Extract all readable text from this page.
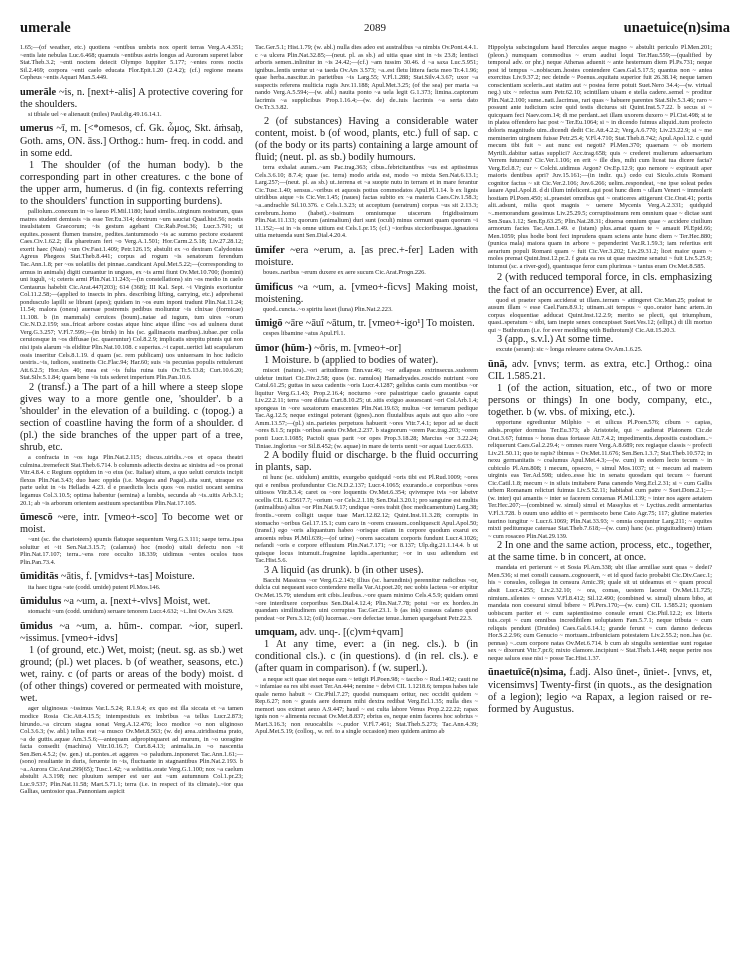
umerale	2089	unaetuice(n)sima

1.65;—(of weather, etc.) quotiens ~entibus umbris nox operit terras Verg.A.4.351; ~entis late nebulas Luc.6.468; quamuis ~entibus astris longus ad Auroram superet labor Stat.Theb.3.2; ~enti noctem deiecit Olympo Iuppiter 5.177; ~entes rores noctis Sil.2.469; corpora ~enti caelo educata Flor.Epit.1.20 (2.4.2); (cf.) regione means Cepheus ~entis Aquari Man.5.449.

umerāle ~is, n. [next+-alis] A protective covering for the shoulders.

si tibiale uel ~e alienauit (miles) Paul.dig.49.16.14.1.

umerus ~ī, m. [<*omesos, cf. Gk. ὦμος, Skt. áṁsaḥ, Goth. ams, ON. āss.] Orthog.: hum- freq. in codd. and in some edd.

1 The shoulder (of the human body). b the corresponding part in other creatures. c the bone of the upper arm, humerus. d (in fig. contexts referring to the shoulders' function in supporting burdens).

palliolum..conexum in ~o laeuo Pl.Mil.1180; haud similis..uirginum nostrarum, quas matres student demissis ~is esse Ter.Eu.314; dextrum ~um sauciat Quad.hist.56; nostis insulsitatem Graecorum; ~is gestum agebant Cic.Rab.Post.36; Lucr.3.791; ut equites..possent flumen transire, pedites..tantummodo ~is ac summo pectore exstarent Caes.Civ.1.62.2; illa pharetram fert ~o Verg.A.1.501; Hor.Carm.2.5.18; Liv.27.28.12; exerit haec (Nais) ~um Ov.Fast.1.409; Petr.126.15; abstulit ex ~o dextram Calydonius Agreus Phegeos Stat.Theb.8.441; corpus ad rogum ~is senatorum ferendum Tac.Ann.1.8; per ~os uolatilis dei pinnae..candicant Apul.Met.5.22;—(corresponding to armus in animals) digiti curuantur in ungues, ex ~is armi fiunt Ov.Met.10.700; (homini) uni iuguli, ~i; ceteris armi Plin.Nat.11.243;—(in constellations) sin ~os medio in caelo Centaurus habebit Cic.Arat.447(203); 614 (368); III Kal. Sept. ~i Virginis exoriuntur Col.11.2.58;—(applied to insects in phrs. describing lifting, carrying, etc.) adprehensi ponduscuIo lapilli se librant (apes); quidam in ~os eum inponi tradunt Plin.Nat.11.24; 11.54; malora (onera) auersae postremis pedibus moliuntur ~is clnixae (formicae) 11.108. b (in mammals) ceruices (boum)..natae ad iugum, tum uires ~orum Cic.N.D.2.159; sus..fricat arbore costas atque hinc atque illinc ~os ad uulnera durat Verg.G.3.257; V.Fl.7.599;—(in birds) in his (sc. gallinaceis maribus)..iubae..per colla ceruicesque in ~os diffusae (sc. quaeruntur) Col.8.2.9; implicatis strepitu pinnis qui non nisi ipsis alarum ~is eliditur Plin.Nat.10.108. c superius..~i caput..uertici lati scapularum ossis inseritur Cels.8.1.19. d quam (sc. rem publicam) uos uniuersam in hoc iudicio uestris..~is, iudices, sustinetis Cic.Flac.94; Har.60; suis ~is pecunias populis rettulerunt Att.6.2.5; Hor.Ars 40; mea est ~is fulta ruina tuis Ov.Tr.5.13.8; Curt.10.6.20; Stat.Silv.5.1.84; quam bene ~is tuis sederet imperium Plin.Pan.10.6.

2 (transf.) a The part of a hill where a steep slope gives way to a more gentle one, 'shoulder'. b a 'shoulder' in the elevation of a building. c (topog.) a section of coastline having the form of a shoulder. d (pl.) the side branches of the upper part of a tree, shrub, etc.

a confracta in ~os iuga Plin.Nat.2.115; discus..uiridis..~os et opaca theatri culmina..tremefecit Stat.Theb.6.714. b columnis adiectis dextra ac sinistra ad ~os pronai Vitr.4.8.4. c Regium oppidum in ~o eius (sc. Italiae) situm, a quo ueluti ceruicis incipit flexus Plin.Nat.3.43; duo haec oppida (i.e. Megara and Pagai)..sita sunt, utraque ex parte uelut in ~is Helladis 4.23. d e praedictis locis quos ~os rustici uocant semina legamus Col.3.10.5; optima habentur (semina) a lumbis, secunda ab ~is..uitis Arb.3.1; 20.1; ab ~is arborum orientem aestiuum spectantibus Plin.Nat.17.105.

ūmescō ~ere, intr. [vmeo+-sco] To become wet or moist.

~unt (sc. the charioteers) spumis flatuque sequentum Verg.G.3.111; saepe terra..ipsa soluitur et ~it Sen.Nat.3.15.7; (calamus) hoc (modo) uitali defectu non ~it Plin.Nat.17.107; terra..~ens rore occulto 18.339; uidimus ~entes oculos tuos Plin.Pan.73.4.

ūmiditās ~ātis, f. [vmidvs+-tas] Moisture.

ita haec tigna ~ate (codd. umide) putent Pl.Mos.146.

ūmidulus ~a ~um, a. [next+-vlvs] Moist, wet.

stomachi ~um (codd. umidum) seruare tenorem Lucr.4.632; ~i..lini Ov.Ars 3.629.

ūmidus ~a ~um, a. hūm-. compar. ~ior, superl. ~issimus. [vmeo+-idvs]

1 (of ground, etc.) Wet, moist; (neut. sg. as sb.) wet ground; (pl.) wet places. b (of weather, seasons, etc.) wet, rainy. c (of parts or areas of the body) moist. d (of other things) covered or permeated with moisture, wet.

ager uliginosus ~issimus Var.L.5.24; R.1.9.4; ex quo est illa siccata et ~a tamen modice Rosia Cic.Att.4.15.5; intempestiuis ex imbribus ~a tellus Lucr.2.873; hirundo..~a circum stagna sonat Verg.A.12.476; loco modice ~o non uliginoso Col.3.6.3; (w. abl.) tellus erat ~a musco Ov.Met.8.563; (w. de) area..uiridissima prato, ~a de guttis..aquae Am.3.5.6;—antequam adpropinquaret ad murum, in ~o uoragine facta consedit (machina) Vitr.10.16.7; Curt.8.4.13; animalia..in ~o nascentia Sen.Ben.4.5.2; (w. gen.) ut..pontes..et aggeres ~o paludum..inponeret Tac.Ann.1.61;—(sono) resultante in duris, feruente in ~is, fluctuante in stagnantibus Plin.Nat.2.193. b ~a..Aurora Cic.Arat.299(65); Tusc.1.42; ~a solstitia..orate Verg.G.1.100; nox ~a caelum abstulit A.3.198; nec pluuium semper est uer aut ~um autumnum Col.1.pr.23; Luc.9.537; Plin.Nat.11.58; Mart.5.71.1; terra (i.e. in respect of its climate)..~ior qua Gallias, uentosior qua..Pannoniam aspicit

Tac.Ger.5.1; Hist.1.79; (w. abl.) nulla dies adeo est australibus ~a nimbis Ov.Pont.4.4.1. c ~a ulcera Plin.Nat.32.85;—(neut. pl. as sb.) ad uitia quae sint in ~is 23.8; lentisci arboris semen..inlinitur in ~is 24.42;—(cf.) ~am tussim 30.46. d ~a saxa Luc.5.951; ignibus..lentis uretur ut ~a taeda Ov.Ars 3.573; ~a..est fletu littera facta meo Tr.4.1.96; quae herba..nascitur..in parietibus ~is Larg.55; V.Fl.1.288; Stat.Silv.4.3.67; uxor ~a suspectis referens multicia rugis Juv.11.188; Apul.Met.3.25; (of the sea) per maria ~a nando Verg.A.5.594;—(w. abl.) nauita ponto ~a uela legit G.1.373; limina..captorum lacrimis ~a supplicibus Prop.1.16.4;—(w. de) de..tuis lacrimis ~a serta dato Ov.Tr.3.3.82.

2 (of substances) Having a considerable water content, moist. b (of wood, plants, etc.) full of sap. c (of the body or its parts) containing a large amount of fluid; (neut. pl. as sb.) bodily humours.

terra exhalat auram..~am Pac.trag.363; cibus..febricitantibus ~us est aptissimus Cels.3.6.10; 8.7.4; quae (sc. terra) modo arida est, modo ~o mixta Sen.Nat.6.13.1; Larg.257;—(neut. pl. as sb.) ut..terrena et ~a suopte nutu in terram et in mare ferantur Cic.Tusc.1.40; sensus..~oribus et aquosis potius commodatos Apul.Pl.1.14. b ex lignis uiridibus atque ~is Cic.Ver.1.45; (naues) factas subito ex ~a materia Caes.Civ.1.58.3; ~a..andrachle Sil.10.376. c Cels.1.3.23; ut acceptum (ueratrum) corpus ~us sit 2.13.3; cerebrum..homo (habet)..~issimum omniumque uiscerum frigidissimum Plin.Nat.11.133; quorum (animalium) duri sunt (oculi) minus cernunt quam quorum ~i 11.152;—si in ~is omne uitium est Cels.1.pr.15; (cf.) ~ioribus siccioribusque..ignauiora uitia metuenda sunt Sen.Dial.4.20.4.

ūmifer ~era ~erum, a. [as prec.+-fer] Laden with moisture.

boues..naribus ~erum duxere ex aere sucum Cic.Arat.Progn.226.

ūmificus ~a ~um, a. [vmeo+-ficvs] Making moist, moistening.

quod..cuncta..~o spiritu laxet (luna) Plin.Nat.2.223.

ūmigō ~āre ~āuī ~ātum, tr. [vmeo+-igo¹] To moisten.

cespes libamine ~atus Apul.Fl.1.

ūmor (hūm-) ~ōris, m. [vmeo+-or]

1 Moisture. b (applied to bodies of water).

miscet (natura)..~ori aritudinem Enn.var.46; ~or adlapsus extrinsecus..sudorem uidetur imitari Cic.Div.2.58; quos (sc. ramulos) Hamadryades..roscido nutriunt ~ore Catul.61.25; guttas in saxa cadentis ~oris Lucr.4.1287; gelidus canis cum montibus ~or liquitur Verg.G.1.43; Prop.2.16.4; nocturno ~ore palustrique caelo grauante caput Liv.22.2.11; terra ~ore diluta Curt.8.10.25; ut..sitis exiguo assuescant ~ori Col.Arb.1.4; spongeas in ~ore saxatorum enascentes Plin.Nat.19.63; multus ~or terrarum pedique Tac.Ag.12.5; neque extingui poterant (ignes)..non fluuialibus aquis aut quo alio ~ore Amm.13.57;—(pl.) sin..parietes perpetuos habuerit ~ores Vitr.7.4.1; tepor ad se ducit ~ores 8.1.5; raptis ~oribus aestu Ov.Met.2.237. b stagnorum ~orem Pac.trag.203; ~orem ponti Lucr.1.1085; Pactoli quas parit ~or opes Prop.3.18.28; Marcius ~or 3.22.24; Tiniae..inglorius ~or Sil.8.452; (w. aquae) in mare de terris uenit ~or aquai Lucr.6.633.

2 A bodily fluid or discharge. b the fluid occurring in plants, sap.

ni hunc (sc. uidulum) amittis, exurgebo quidquid ~oris tibi est Pl.Rud.1009; ~ores qui e renibus profunduntur Cic.N.D.2.137; Lucr.4.1065; exurando..e corporibus ~ores uitiosos Vitr.8.3.4; caret os ~ore loquentis Ov.Met.6.354; qvivmqve tvis ~or labetvr ocellis CIL 6.25617.7; ~orium ~or Cels.2.1.18; Sen.Dial.3.20.1; pro sanguine est multis (animalibus) alius ~or Plin.Nat.9.17; undique ~ores trahit (hoc medicamentum) Larg.38; frontis..~orem colligit usque tuae Mart.12.82.12; Quint.Inst.11.3.28; corruptis in stomacho ~oribus Gel.17.15.1; cum caro in ~orem crassum..conliquescit Apul.Apol.50; (transf.) ego ~oris aliquantum habeo ~orisque etiam in corpore quodum exarui ex amoenis rebus Pl.Mil.639;—(of urine) ~orem saccatum corporis fundunt Lucr.4.1026; nefandi ~oris e corpore effluuium Plin.Nat.7.171; ~or 8.137; Ulp.dig.21.1.14.4. b ut quisque locus intumuit..fragmine lapidis..aperiuntur; ~or in usu adiendum est Tac.Hist.5.6.

3 A liquid (as drunk). b (in other uses).

Bacchi Massicus ~or Verg.G.2.143; illius (sc. harundinis) perennitur radicibus ~or, dulcia cui nequeant suco contendere mella Var.At.poet.20; nec uobis lacteus ~or eripitur Ov.Met.15.79; utendum erit cibis..leuibus..~ore quam minimo Cels.4.5.9; quidam omni ~ore interdixere corporibus Sen.Dial.4.12.4; Plin.Nat.7.78; potui ~or ex hordeo..in quandam similitudinem uini corruptus Tac.Ger.23.1. b (as ink) crassus calamo quod pendeat ~or Pers.3.12; (oil) lucernae..~ore defectae tenue..lumen spargebant Petr.22.3.

umquam, adv. unq-. [(c)vm+qvam]

1 At any time, ever: a (in neg. cls.). b (in conditional cls.). c (in questions). d (in rel. cls.). e (after quam in comparison). f (w. superl.).

a neque scit quae siet neque eam ~ tetigit Pl.Poen.98; ~ taccbo ~ Rud.1402; cauit ne ~ infamiae ea res sibi esset Ter.An.444; nemine ~ debvi CIL 1.1218.6; tempus habes tale quale nemo habuit ~ Cic.Phil.7.27; quodsi numquam oritur, nec occidit quidem ~ Rep.6.27; non ~ grauis aere domum mihi dextra redibat Verg.Ecl.1.35; nulla dies ~ memori uos eximet aeuo A.9.447; haud ~ est culta labore Venus Prop.2.22.22; rapax ignis non ~ alimenta recusat Ov.Met.8.837; ebrius es, neque enim faceres hoc sobrius ~ Mart.3.16.3; non reuocabilis ~..pudor V.Fl.7.461; Stat.Theb.5.273; Tac.Ann.4.39; Apul.Met.5.19; (colloq., w. ref. to a single occasion) meo quidem animo ab

Hippolyta subcingulum haud Hercules aeque magno ~ abstulit periculo Pl.Men.201; (pleon.) numquam commodius ~ erum audiui loqui Ter.Hau.559;—(qualified by temporal adv. or phr.) neque Athenas aduenit ~ ante hesternum diem Pl.Ps.731; neque post id tempus ~..nobiscum..hostes contendere Caes.Gal.5.17.5; quantus non ~ antea exercitus Liv.9.37.2; nec deinde ~ Poenus..equitatu superior fuit 26.38.14; neque tamen conscientiam sceleris..aut statim aut ~ postea ferre potuit Suet.Nero 34.4;—(w. virtual neg.) uix ~ refectus sum Petr.62.10; scintillam uisam e stella cadere..semel ~ proditur Plin.Nat.2.100; sume..nati..lacrimas, rari quas ~ habuere parentes Stat.Silv.5.3.46; raro ~ possunt ante iudicium scire quid testis dicturus sit Quint.Inst.5.7.22. b secus si ~ quicquam feci Naev.com.14; di me perdant..sei illam uxorem duxero ~ Pl.Cist.498; si te in platea offendero hac post ~ Ter.Eu.1064; si ~ in dicendo fuimus aliquid..tum profecto doloris magnitudo uim..dicendi dedit Cic.Att.4.2.2; Verg.A.6.770; Liv.23.22.9; si ~ me meminerim uirginem fuisse Petr.25.4; V.Fl.4.710; Stat.Theb.8.742; Apul.Apol.12. c quid mecum tibi fuit ~ aut nunc est negoti? Pl.Men.370; quaenam ~ ob mortem Myrtili..dabitur satias supplici? Acc.trag.658; quis ~ crederet mulierum aduersarium Verrem futurum? Cic.Ver.1.106; en erit ~ ille dies, mihi cum liceat tua dicere facta? Verg.Ecl.8.7; cur ~ Colchi..uidimus Argon? Ov.Ep.12.9; quo nemore ~ expirauit aper maioris dentibus apri? Juv.15.161;—(in indir. qu.) cedo cui Siculo..ciuis Romani cognitor factus ~ sit Cic.Ver.2.106; Juv.6.266; uelim..respondeat, ~ne ipse soleat pedes lauare Apul.Apol.8. d di illum infelicent..qui post hunc diem ~ ullam Veneri ~ immolarit hostiam Pl.Poen.450; si..praestet omnibus qui ~ oraticeres attigerunt Cic.Orat.41; portis alii..adsunt, milia quot magnis ~ uenere Mycenis Verg.A.2.331; quidquid ~..memorandum gessimus Liv.25.29.5; corruptissimum rem omnium quae ~ dictae sunt Sen.Suas.1.12; Sen.Ep.63.25; Plin.Nat.28.31; diuersa omnium quae ~ accidere ciuilium armorum facies Tac.Ann.1.49. e (istam) plus..amat quam te ~ amauit Pl.Epid.66; Men.1059; plus hodie boni feci inprudens quam sciens ante hunc diem ~ Ter.Hec.880; (punica mala) maiora quam in arbore ~ pependerint Var.R.1.59.3; iam refertius erit aerarium populi Romani quam ~ fuit Cic.Ver.3.202; Liv.29.31.2; licet maior quam ~ moles premat Quint.Inst.12.pr.2. f grata ea res ut quae maxime senatui ~ fuit Liv.5.25.9; intumui (sc. a river-god), quantusque feror cum plurimus ~ tantus eram Ov.Met.8.585.

2 (with reduced temporal force, in cls. emphasizing the fact of an occurrence) Ever, at all.

quod ei praeter spem acciderat ut illam..terram ~ attingeret Cic.Man.25; pudeat te ausum illam ~ esse Cael.Fam.8.9.1; utinam..sit tempus ~ quo..orator hanc artem..in corpus eloquentiae adducat Quint.Inst.12.2.9; merito se plecti, qui triumphum, quasi..speratum ~ sibi, tam inepte senex concupisset Suet.Ves.12; (ellipt.) di illi mortuo qui ~ Buthrotum (i.e. for ever meddling with Buthrotum)! Cic.Att.15.20.3.

3 (app., s.v.l.) At some time.

excute (seram): sic ~ longa releuere catena Ov.Am.1.6.25.

ūnā, adv. [vnvs; term. as extra, etc.] Orthog.: oina CIL 1.585.21.

1 (of the action, situation, etc., of two or more persons or things) In one body, company, etc., together. b (w. vbs. of mixing, etc.).

opportune egrediuntur Milphio ~ et uilicus Pl.Poen.576; cibum ~ capias, adsis..propter dormias Ter.Eu.373; ab Aristotele, qui ~ audierat Platonem Cic.de Orat.3.67; fuimus ~ horas duas fortasse Att.7.4.2; impedimentis..depositis custodiam..~ reliquerunt Caes.Gal.2.29.4; ~ omnes ruere Verg.A.8.689; rex regiaque classis ~ profecti Liv.21.50.11; quo te rapis? ibimus ~ Ov.Met.11.676; Sen.Ben.1.3.7; Stat.Theb.10.572; in nexu germanitatis ~ coalumus Apul.Met.4.3;—(w. cum) in eodem lecto tecum ~ in cubiculo Pl.Am.808; i mecum, opsecro, ~ simul Mos.1037; ut ~ mecum ad matrem uirginis eas Ter.Ad.598; uideo..esse hic in senatu quosdam qui tecum ~ fuerunt Cic.Catil.1.8; mecum ~ in siluis imitabere Pana canendo Verg.Ecl.2.31; si ~ cum Gallis urbem Romanam relicturi fuimus Liv.5.52.11; habitabat cum patre ~ Suet.Dom.2.1;—(w. inter) qui amantis ~ inter se facerem conuenas Pl.Mil.139; ~ inter nos agere aetatem Ter.Hec.207;—(combined w. simul) simul et Massylus et ~ Lyctius..redit armentarius V.Fl.3.728. b ouum uno addito et ~ permisceto bene Cato Agr.75; 117; glutine materies taurino iungitur ~ Lucr.6.1069; Plin.Nat.33.93; ~ omnia coquuntur Larg.211; ~ equites mixti peditumque cateruae Stat.Theb.7.618;—(w. cum) hanc (sc. pinguitudinem) tritam ~ cum rosaceo Plin.Nat.29.139.

2 In one and the same action, process, etc., together, at the same time. b in concert, at once.

mandata eri perierunt ~ et Sosia Pl.Am.338; ubi illae armillae sunt quas ~ dedei? Men.536; si mei consili causam..cognouerit, ~ et id quod facio probabit Cic.Div.Caec.1; his ~ consules, collegas in censura Amic.39; quale sit ut uideamus et ~ quam procul absit Lucr.4.255; Liv.2.32.10; ~ ora, comas, uestem lacerat Ov.Met.11.725; nimium..silentes ~ omnes V.Fl.8.412; Sil.12.490; (combined w. simul) ulnum bibo, at mandata non coesurui simul bibere ~ Pl.Pers.170;—(w. cum) CIL 1.585.21; quoniam uobiscum pariter et ~ cum sapientissimo consule errani Cic.Phil.12.2; ex litteris tuis..cepi ~ cum omnibus incredibilem uoluptatem Fam.5.7.1; neque tributa ~ cum reliquis pendunt (Druides) Caes.Gal.6.14.1; grande ferunt ~ cum damno dedecus Hor.S.2.2.96; cum Genucio ~ mortuam..tribuniciam potestatem Liv.2.55.2; non..has (sc. pennas) ~..cum corpore natas Ov.Met.6.714. b cum ab singulis sententiae sunt rogatae sex ~ dixerunt Vitr.7.pr.6; mixto clamore..incipiunt ~ Stat.Theb.1.448; neque perire nos neque saluos esse nisi ~ posse Tac.Hist.1.37.

ūnaetuīcē(n)sima, f.adj. Also ūnet-, ūniet-. [vnvs, et, vicensimvs] Twenty-first (in quots., as the designation of a legion); legio ~a Rapax, a legion raised or re-formed by Augustus.
